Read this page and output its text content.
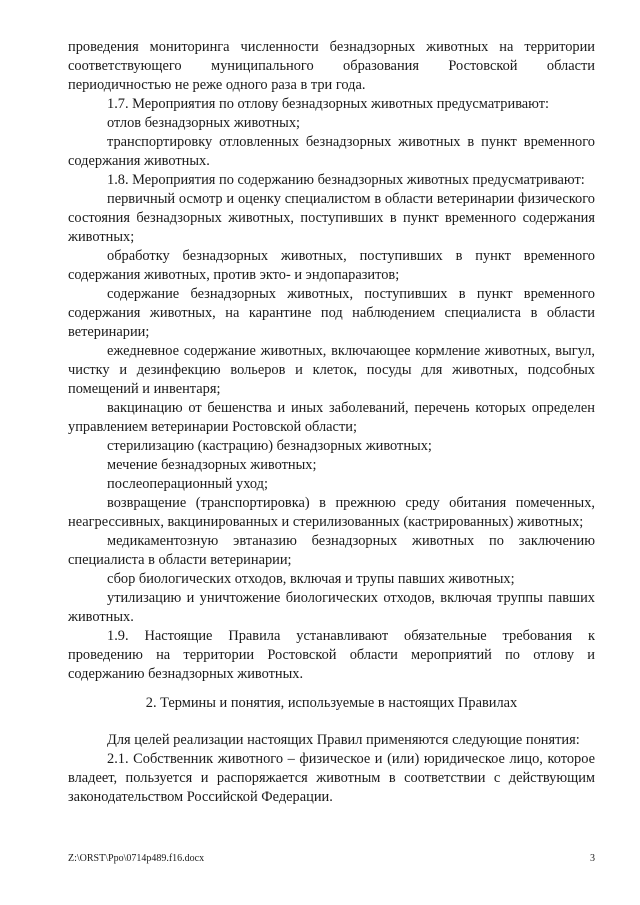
проведения мониторинга численности безнадзорных животных на территории соответствующего муниципального образования Ростовской области периодичностью не реже одного раза в три года.

1.7. Мероприятия по отлову безнадзорных животных предусматривают:

отлов безнадзорных животных;

транспортировку отловленных безнадзорных животных в пункт временного содержания животных.

1.8. Мероприятия по содержанию безнадзорных животных предусматривают:

первичный осмотр и оценку специалистом в области ветеринарии физического состояния безнадзорных животных, поступивших в пункт временного содержания животных;

обработку безнадзорных животных, поступивших в пункт временного содержания животных, против экто- и эндопаразитов;

содержание безнадзорных животных, поступивших в пункт временного содержания животных, на карантине под наблюдением специалиста в области ветеринарии;

ежедневное содержание животных, включающее кормление животных, выгул, чистку и дезинфекцию вольеров и клеток, посуды для животных, подсобных помещений и инвентаря;

вакцинацию от бешенства и иных заболеваний, перечень которых определен управлением ветеринарии Ростовской области;

стерилизацию (кастрацию) безнадзорных животных;

мечение безнадзорных животных;

послеоперационный уход;

возвращение (транспортировка) в прежнюю среду обитания помеченных, неагрессивных, вакцинированных и стерилизованных (кастрированных) животных;

медикаментозную эвтаназию безнадзорных животных по заключению специалиста в области ветеринарии;

сбор биологических отходов, включая и трупы павших животных;

утилизацию и уничтожение биологических отходов, включая труппы павших животных.

1.9. Настоящие Правила устанавливают обязательные требования к проведению на территории Ростовской области мероприятий по отлову и содержанию безнадзорных животных.

2. Термины и понятия, используемые в настоящих Правилах

Для целей реализации настоящих Правил применяются следующие понятия:

2.1. Собственник животного – физическое и (или) юридическое лицо, которое владеет, пользуется и распоряжается животным в соответствии с действующим законодательством Российской Федерации.

Z:\ORST\Ppo\0714p489.f16.docx	3
